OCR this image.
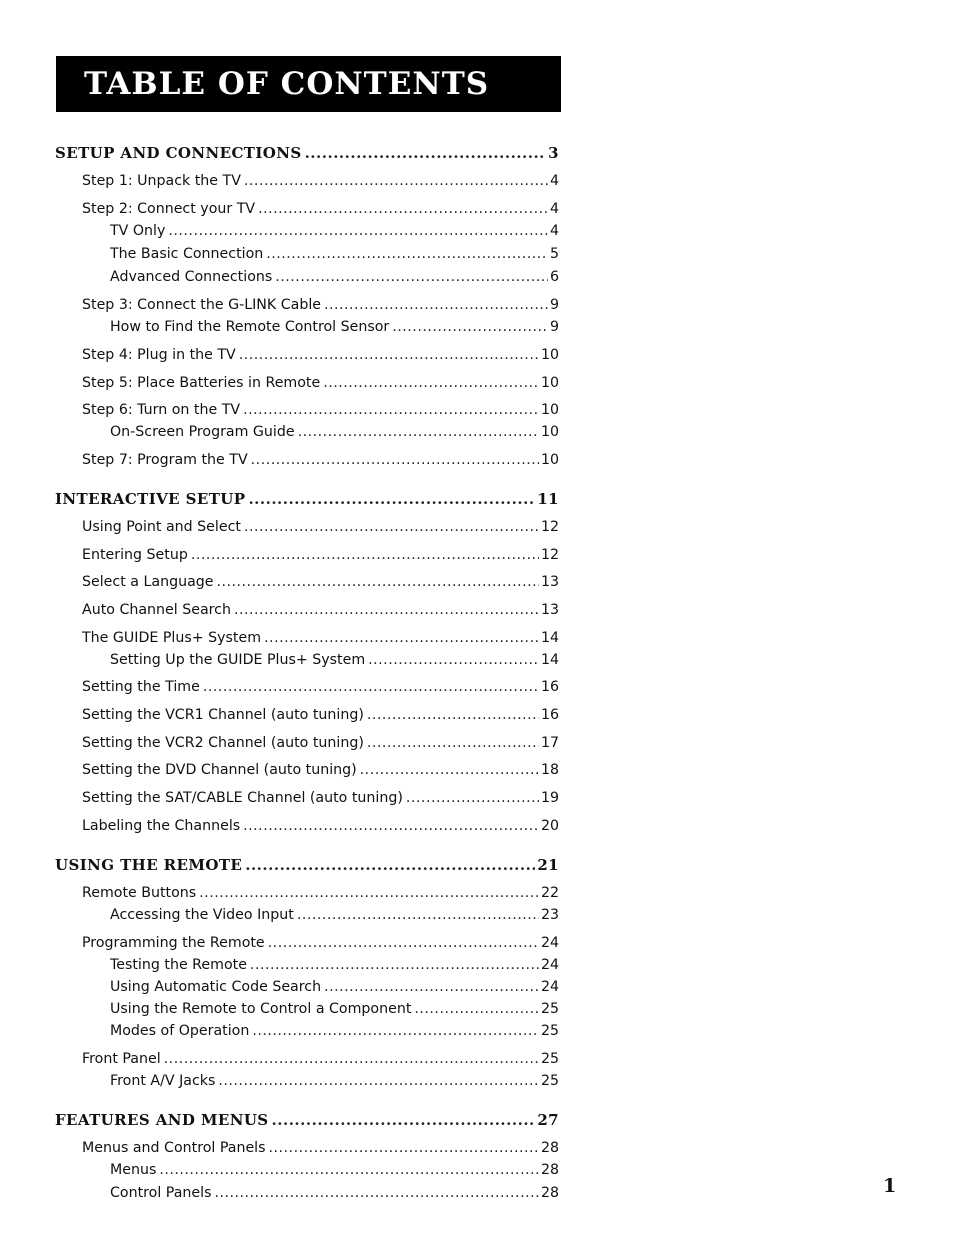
TABLE OF CONTENTS
SETUP AND CONNECTIONS .....	3
Step 1: Unpack the TV .....	4
Step 2: Connect your TV .....	4
TV Only .....	4
The Basic Connection .....	5
Advanced Connections .....	6
Step 3: Connect the G-LINK Cable .....	9
How to Find the Remote Control Sensor .....	9
Step 4: Plug in the TV .....	10
Step 5: Place Batteries in Remote .....	10
Step 6: Turn on the TV .....	10
On-Screen Program Guide .....	10
Step 7: Program the TV .....	10
INTERACTIVE SETUP .....	11
Using Point and Select .....	12
Entering Setup .....	12
Select a Language .....	13
Auto Channel Search .....	13
The GUIDE Plus+ System .....	14
Setting Up the GUIDE Plus+ System .....	14
Setting the Time .....	16
Setting the VCR1 Channel (auto tuning) .....	16
Setting the VCR2 Channel (auto tuning) .....	17
Setting the DVD Channel (auto tuning) .....	18
Setting the SAT/CABLE Channel (auto tuning) .....	19
Labeling the Channels .....	20
USING THE REMOTE .....	21
Remote Buttons .....	22
Accessing the Video Input .....	23
Programming the Remote .....	24
Testing the Remote .....	24
Using Automatic Code Search .....	24
Using the Remote to Control a Component .....	25
Modes of Operation .....	25
Front Panel .....	25
Front A/V Jacks .....	25
FEATURES AND MENUS .....	27
Menus and Control Panels .....	28
Menus .....	28
Control Panels .....	28	1
